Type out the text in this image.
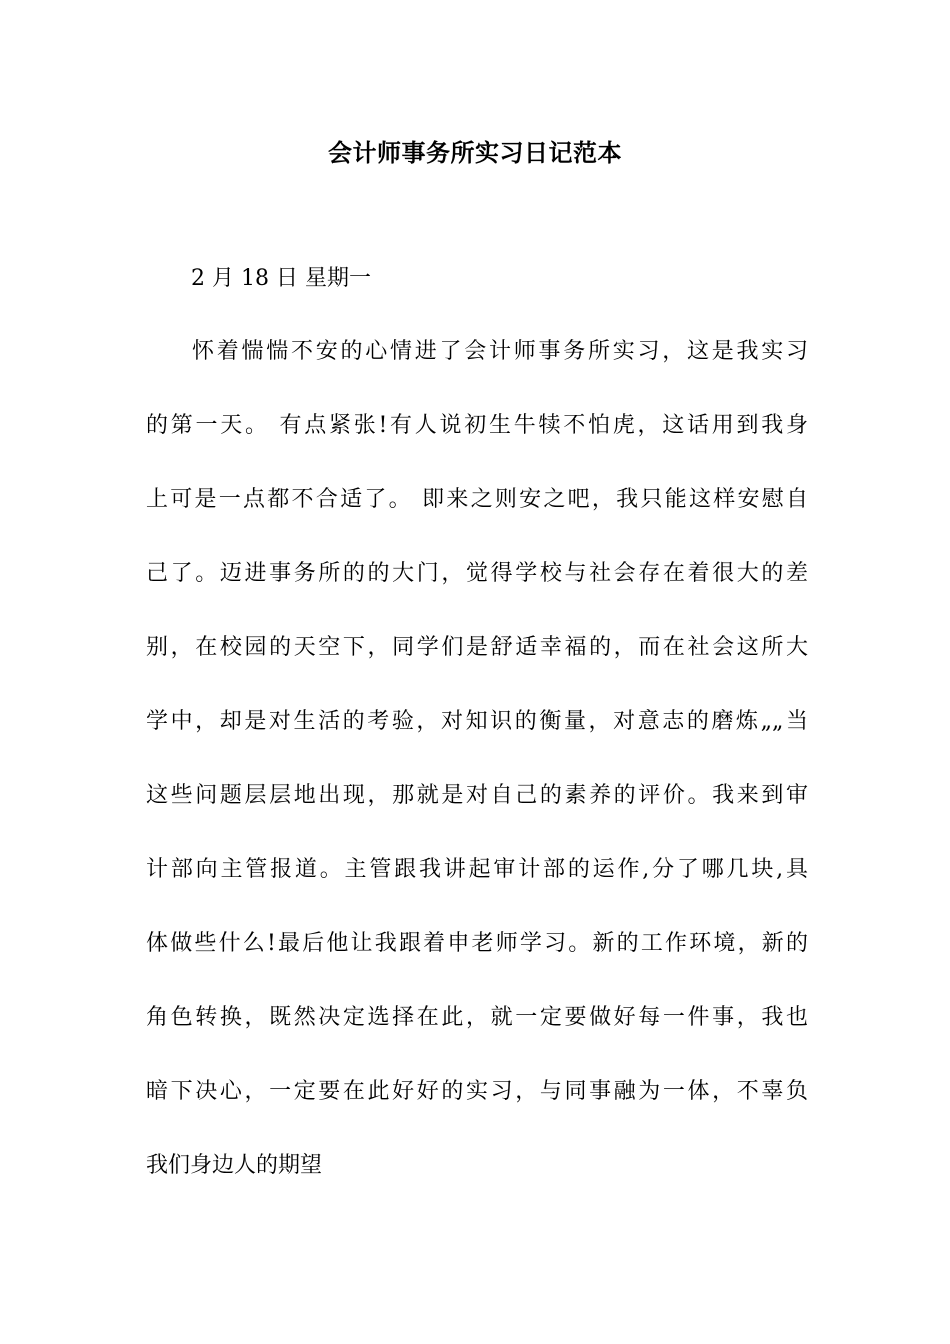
会计师事务所实习日记范本
2 月 18 日 星期一
怀着惴惴不安的心情进了会计师事务所实习，这是我实习
的第一天。 有点紧张!有人说初生牛犊不怕虎，这话用到我身
上可是一点都不合适了。 即来之则安之吧，我只能这样安慰自
己了。迈进事务所的的大门，觉得学校与社会存在着很大的差
别，在校园的天空下，同学们是舒适幸福的，而在社会这所大
学中，却是对生活的考验，对知识的衡量，对意志的磨炼„„当
这些问题层层地出现，那就是对自己的素养的评价。我来到审
计部向主管报道。主管跟我讲起审计部的运作,分了哪几块,具
体做些什么!最后他让我跟着申老师学习。新的工作环境，新的
角色转换，既然决定选择在此，就一定要做好每一件事，我也
暗下决心，一定要在此好好的实习，与同事融为一体，不辜负
我们身边人的期望
